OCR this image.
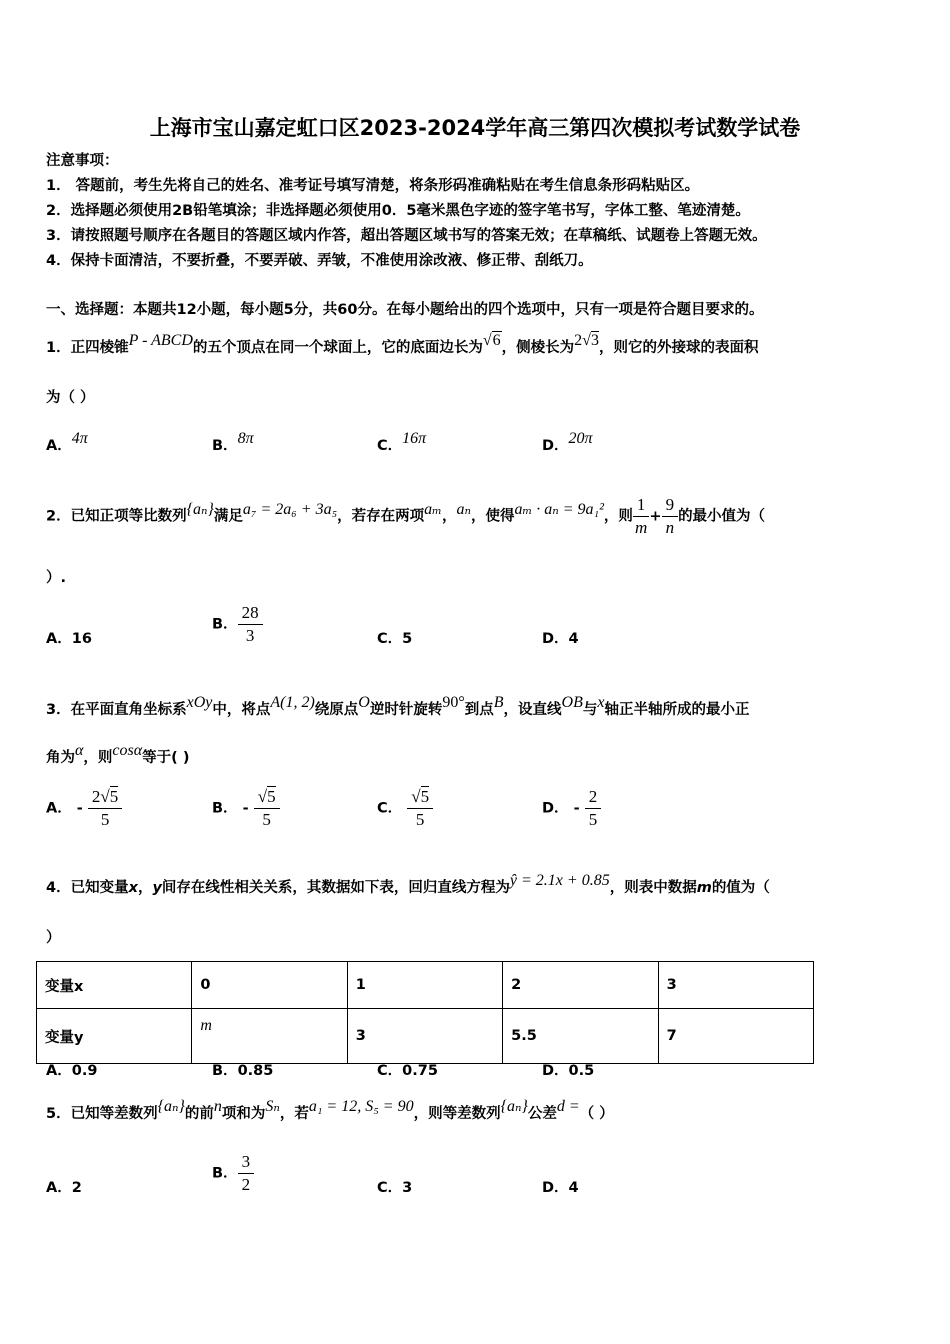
上海市宝山嘉定虹口区2023-2024学年高三第四次模拟考试数学试卷
注意事项：
1． 答题前，考生先将自己的姓名、准考证号填写清楚，将条形码准确粘贴在考生信息条形码粘贴区。
2．选择题必须使用2B铅笔填涂；非选择题必须使用0．5毫米黑色字迹的签字笔书写，字体工整、笔迹清楚。
3．请按照题号顺序在各题目的答题区域内作答，超出答题区域书写的答案无效；在草稿纸、试题卷上答题无效。
4．保持卡面清洁，不要折叠，不要弄破、弄皱，不准使用涂改液、修正带、刮纸刀。
一、选择题：本题共12小题，每小题5分，共60分。在每小题给出的四个选项中，只有一项是符合题目要求的。
1．正四棱锥P - ABCD的五个顶点在同一个球面上，它的底面边长为√6，侧棱长为2√3，则它的外接球的表面积
为（ ）
A．4π	B．8π	C．16π	D．20π
2．已知正项等比数列{aₙ}满足a₇ = 2a₆ + 3a₅，若存在两项aₘ，aₙ，使得aₘ · aₙ = 9a₁²，则 $\frac{1}{m} + \frac{9}{n}$ 的最小值为（
）.
A．16
B． $\frac{28}{3}$	C．5	D．4
3．在平面直角坐标系xOy中，将点A(1, 2)绕原点O逆时针旋转90°到点B，设直线OB与x轴正半轴所成的最小正
角为α，则cosα等于( )
A． - $\frac{2√5}{5}$	B． - $\frac{√5}{5}$	C． $\frac{√5}{5}$	D． - $\frac{2}{5}$
4．已知变量x，y间存在线性相关关系，其数据如下表，回归直线方程为ŷ = 2.1x + 0.85，则表中数据m的值为（
）
变量x	0	1	2	3
变量y	m	3	5.5	7
A．0.9	B．0.85	C．0.75	D．0.5
5．已知等差数列{aₙ}的前n项和为Sₙ，若a₁ = 12, S₅ = 90，则等差数列{aₙ}公差d =（ ）
A．2
B． $\frac{3}{2}$	C．3	D．4
